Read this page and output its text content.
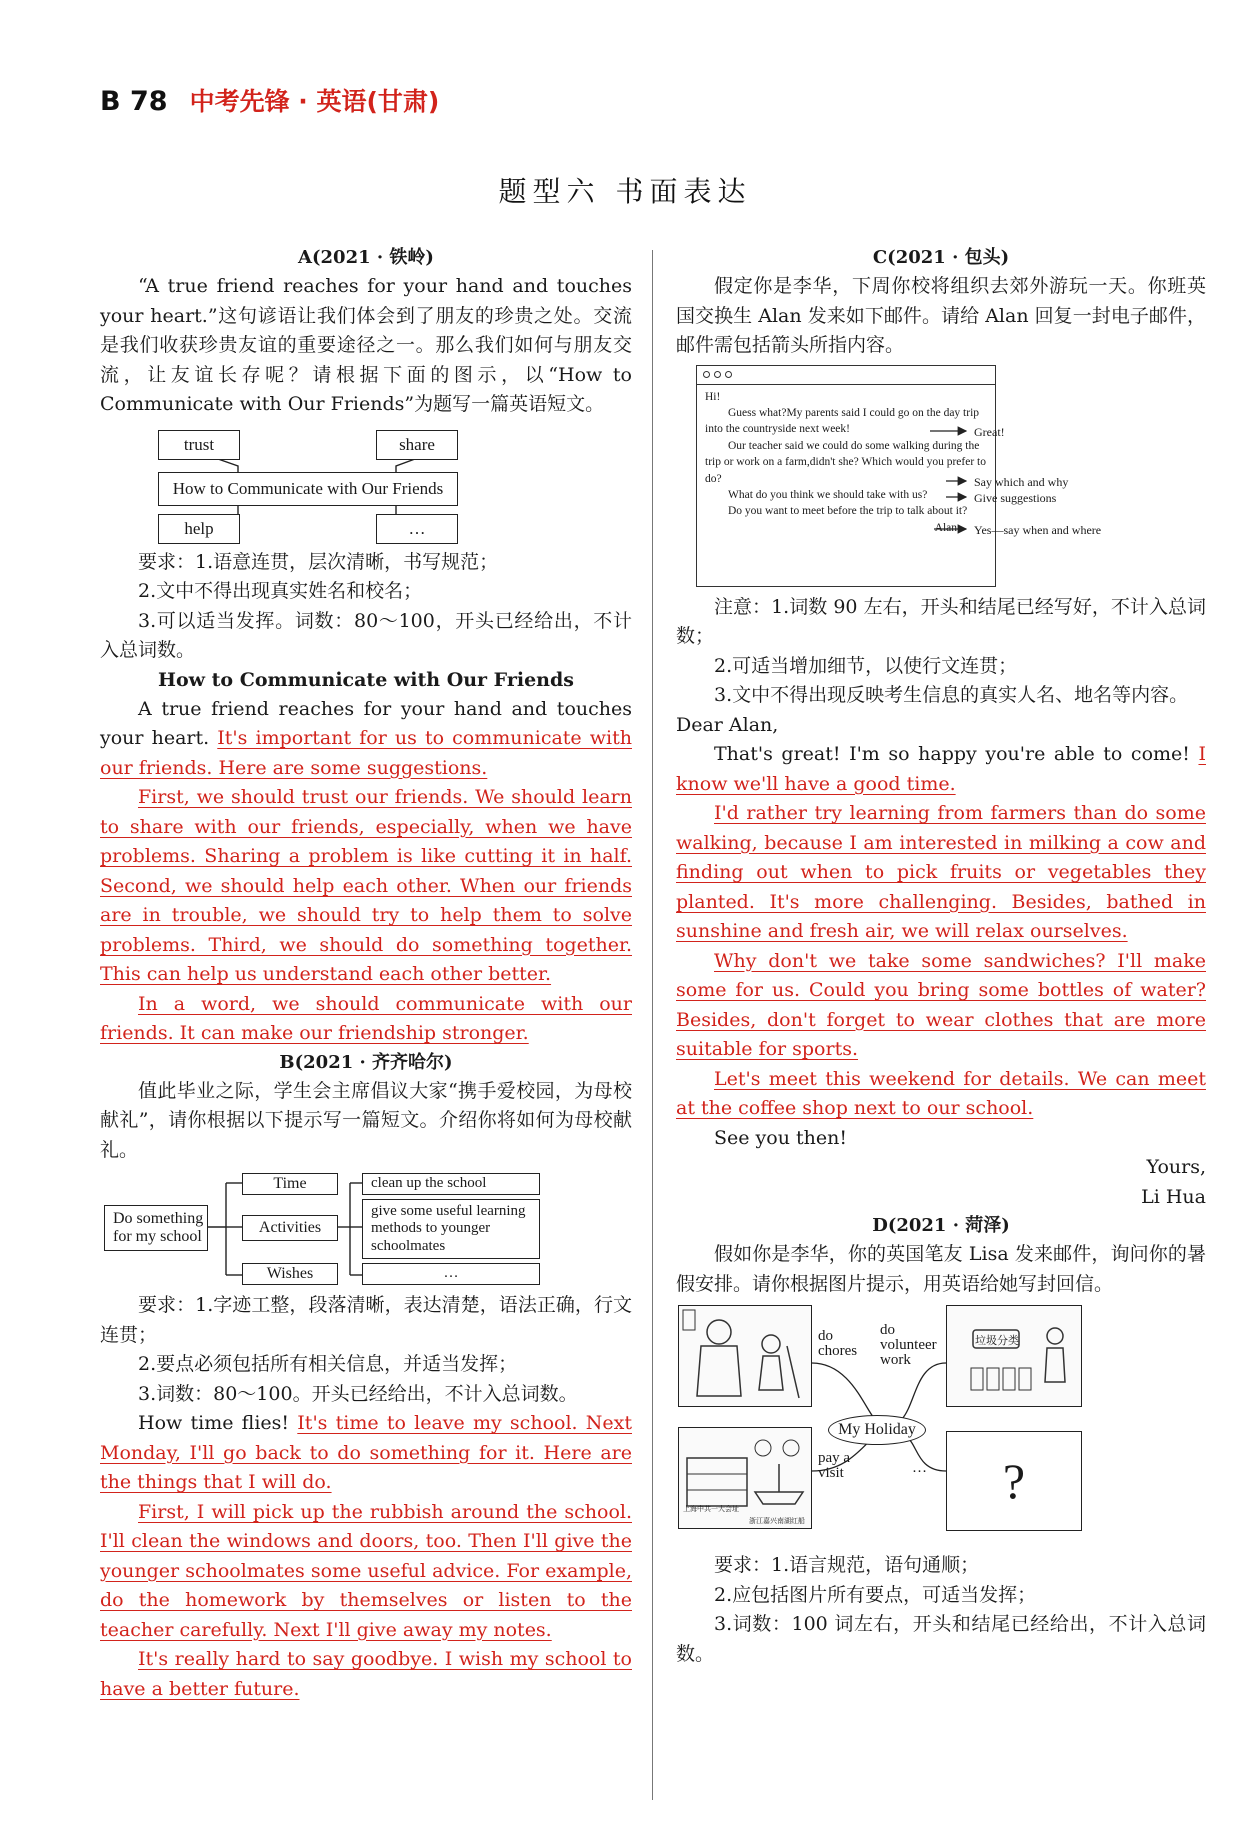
B 78 中考先锋 · 英语(甘肃)
题型六 书面表达
A(2021 · 铁岭)

“A true friend reaches for your hand and touches your heart.”这句谚语让我们体会到了朋友的珍贵之处。交流是我们收获珍贵友谊的重要途径之一。那么我们如何与朋友交流，让友谊长存呢？请根据下面的图示，以“How to Communicate with Our Friends”为题写一篇英语短文。

trust	share
How to Communicate with Our Friends
help	…

要求：1.语意连贯，层次清晰，书写规范；

2.文中不得出现真实姓名和校名；

3.可以适当发挥。词数：80～100，开头已经给出，不计入总词数。

How to Communicate with Our Friends

A true friend reaches for your hand and touches your heart. It's important for us to communicate with our friends. Here are some suggestions.

First, we should trust our friends. We should learn to share with our friends, especially, when we have problems. Sharing a problem is like cutting it in half. Second, we should help each other. When our friends are in trouble, we should try to help them to solve problems. Third, we should do something together. This can help us understand each other better.

In a word, we should communicate with our friends. It can make our friendship stronger.

B(2021 · 齐齐哈尔)

值此毕业之际，学生会主席倡议大家“携手爱校园，为母校献礼”，请你根据以下提示写一篇短文。介绍你将如何为母校献礼。

Do something for my school
Time
Activities
Wishes
clean up the school
give some useful learning methods to younger schoolmates
…

要求：1.字迹工整，段落清晰，表达清楚，语法正确，行文连贯；

2.要点必须包括所有相关信息，并适当发挥；

3.词数：80～100。开头已经给出，不计入总词数。

How time flies! It's time to leave my school. Next Monday, I'll go back to do something for it. Here are the things that I will do.

First, I will pick up the rubbish around the school. I'll clean the windows and doors, too. Then I'll give the younger schoolmates some useful advice. For example, do the homework by themselves or listen to the teacher carefully. Next I'll give away my notes.

It's really hard to say goodbye. I wish my school to have a better future.

C(2021 · 包头)

假定你是李华，下周你校将组织去郊外游玩一天。你班英国交换生 Alan 发来如下邮件。请给 Alan 回复一封电子邮件，邮件需包括箭头所指内容。

Hi!
Guess what?My parents said I could go on the day trip into the countryside next week!
Our teacher said we could do some walking during the trip or work on a farm,didn't she? Which would you prefer to do?
What do you think we should take with us?
Do you want to meet before the trip to talk about it?
Alan
Great!
Say which and why
Give suggestions
Yes—say when and where

注意：1.词数 90 左右，开头和结尾已经写好，不计入总词数；

2.可适当增加细节，以使行文连贯；

3.文中不得出现反映考生信息的真实人名、地名等内容。

Dear Alan,

That's great! I'm so happy you're able to come! I know we'll have a good time.

I'd rather try learning from farmers than do some walking, because I am interested in milking a cow and finding out when to pick fruits or vegetables they planted. It's more challenging. Besides, bathed in sunshine and fresh air, we will relax ourselves.

Why don't we take some sandwiches? I'll make some for us. Could you bring some bottles of water? Besides, don't forget to wear clothes that are more suitable for sports.

Let's meet this weekend for details. We can meet at the coffee shop next to our school.

See you then!

Yours,

Li Hua

D(2021 · 菏泽)

假如你是李华，你的英国笔友 Lisa 发来邮件，询问你的暑假安排。请你根据图片提示，用英语给她写封回信。

垃圾分类
do chores
do volunteer work
My Holiday
上海中共一大会址
浙江嘉兴南湖红船
pay a visit	…	?

要求：1.语言规范，语句通顺；

2.应包括图片所有要点，可适当发挥；

3.词数：100 词左右，开头和结尾已经给出，不计入总词数。
